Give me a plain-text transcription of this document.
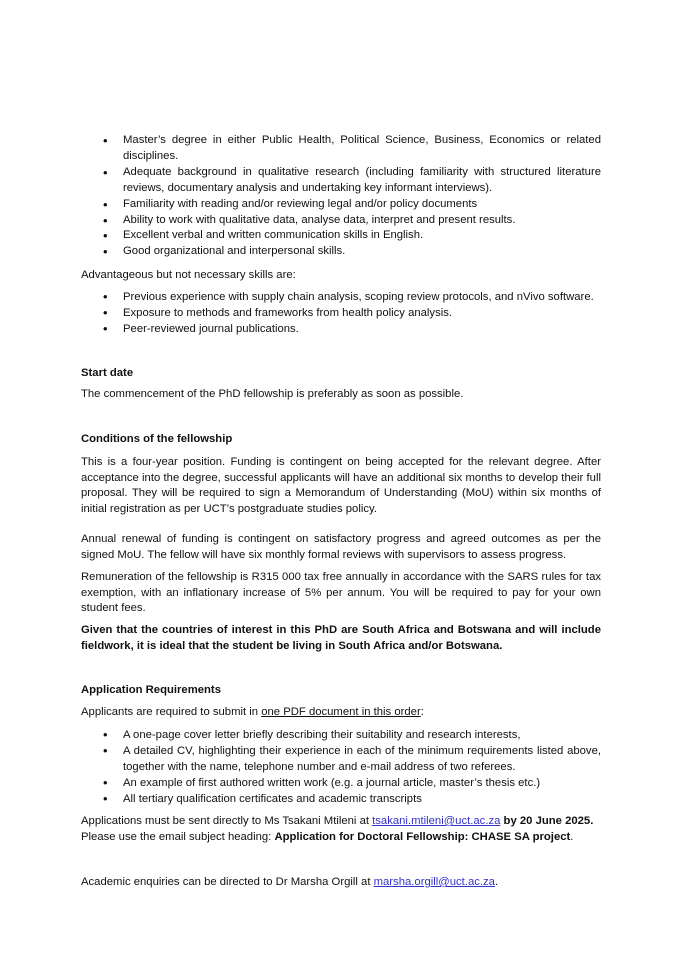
• Master’s degree in either Public Health, Political Science, Business, Economics or related disciplines.
• Adequate background in qualitative research (including familiarity with structured literature reviews, documentary analysis and undertaking key informant interviews).
• Familiarity with reading and/or reviewing legal and/or policy documents
• Ability to work with qualitative data, analyse data, interpret and present results.
• Excellent verbal and written communication skills in English.
• Good organizational and interpersonal skills.
Advantageous but not necessary skills are:
• Previous experience with supply chain analysis, scoping review protocols, and nVivo software.
• Exposure to methods and frameworks from health policy analysis.
• Peer-reviewed journal publications.
Start date
The commencement of the PhD fellowship is preferably as soon as possible.
Conditions of the fellowship
This is a four-year position. Funding is contingent on being accepted for the relevant degree. After acceptance into the degree, successful applicants will have an additional six months to develop their full proposal. They will be required to sign a Memorandum of Understanding (MoU) within six months of initial registration as per UCT’s postgraduate studies policy.
Annual renewal of funding is contingent on satisfactory progress and agreed outcomes as per the signed MoU. The fellow will have six monthly formal reviews with supervisors to assess progress.
Remuneration of the fellowship is R315 000 tax free annually in accordance with the SARS rules for tax exemption, with an inflationary increase of 5% per annum. You will be required to pay for your own student fees.
Given that the countries of interest in this PhD are South Africa and Botswana and will include fieldwork, it is ideal that the student be living in South Africa and/or Botswana.
Application Requirements
Applicants are required to submit in one PDF document in this order:
• A one-page cover letter briefly describing their suitability and research interests,
• A detailed CV, highlighting their experience in each of the minimum requirements listed above, together with the name, telephone number and e-mail address of two referees.
• An example of first authored written work (e.g. a journal article, master’s thesis etc.)
• All tertiary qualification certificates and academic transcripts
Applications must be sent directly to Ms Tsakani Mtileni at tsakani.mtileni@uct.ac.za by 20 June 2025.
Please use the email subject heading: Application for Doctoral Fellowship: CHASE SA project.
Academic enquiries can be directed to Dr Marsha Orgill at marsha.orgill@uct.ac.za.
